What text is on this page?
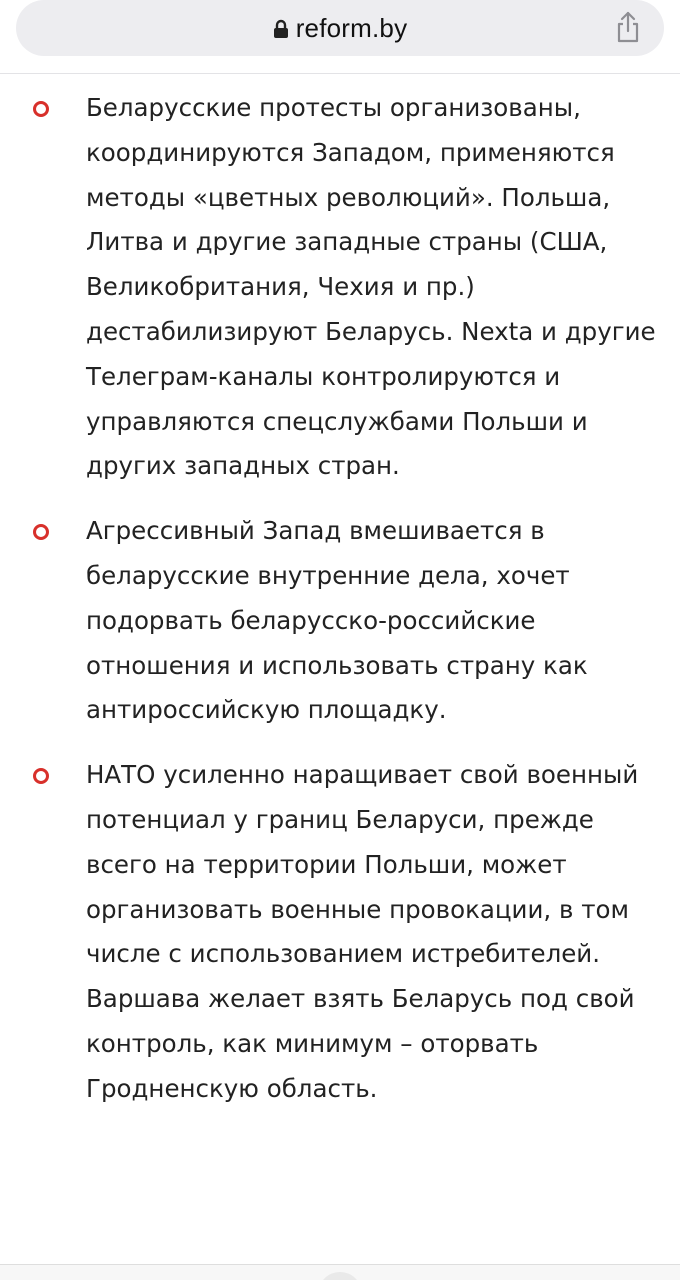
reform.by

Беларусские протесты организованы, координируются Западом, применяются методы «цветных революций». Польша, Литва и другие западные страны (США, Великобритания, Чехия и пр.) дестабилизируют Беларусь. Nexta и другие Телеграм-каналы контролируются и управляются спецслужбами Польши и других западных стран.

Агрессивный Запад вмешивается в беларусские внутренние дела, хочет подорвать беларусско-российские отношения и использовать страну как антироссийскую площадку.

НАТО усиленно наращивает свой военный потенциал у границ Беларуси, прежде всего на территории Польши, может организовать военные провокации, в том числе с использованием истребителей. Варшава желает взять Беларусь под свой контроль, как минимум – оторвать Гродненскую область.
